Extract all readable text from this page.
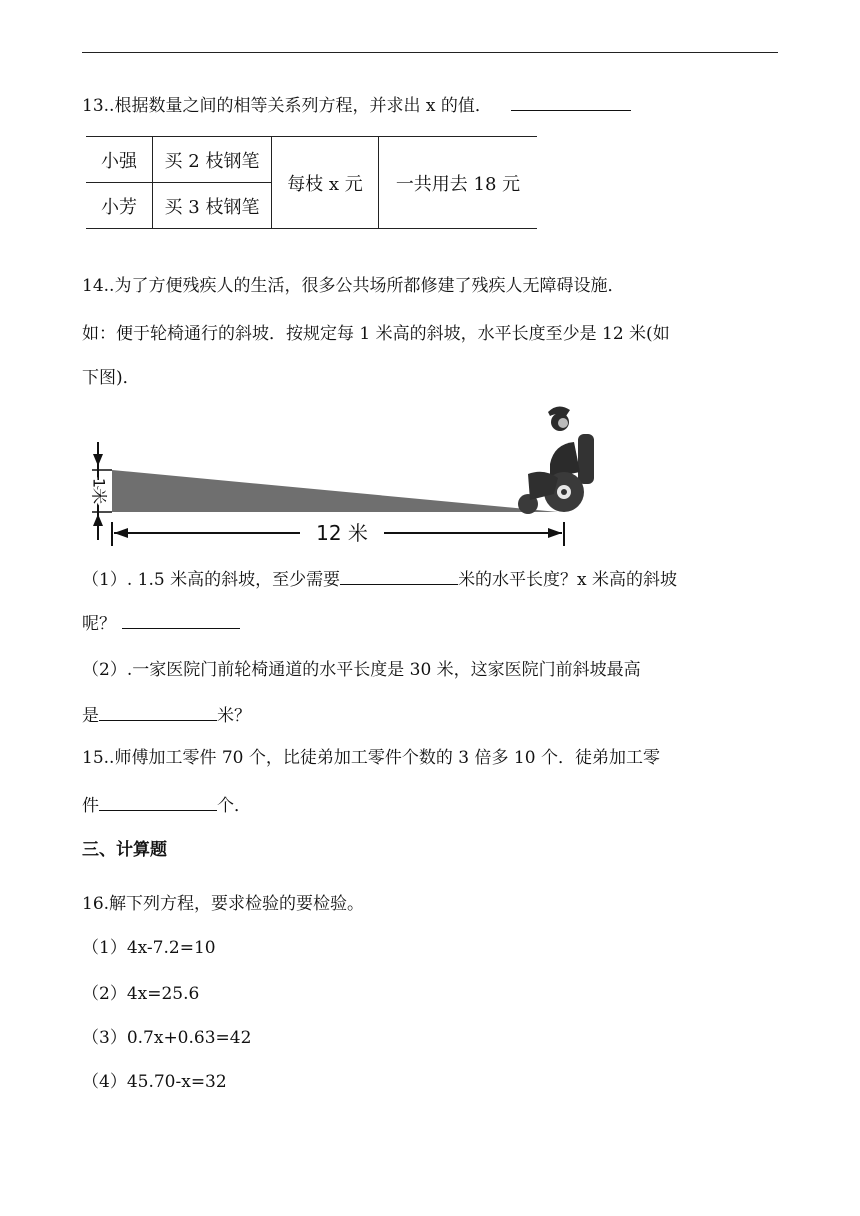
13..根据数量之间的相等关系列方程，并求出 x 的值．
小强	买 2 枝钢笔	每枝 x 元	一共用去 18 元
小芳	买 3 枝钢笔		
14..为了方便残疾人的生活，很多公共场所都修建了残疾人无障碍设施．
如：便于轮椅通行的斜坡．按规定每 1 米高的斜坡，水平长度至少是 12 米(如
下图)．
1米
12 米
（1）. 1.5 米高的斜坡，至少需要	米的水平长度？x 米高的斜坡
呢？
（2）.一家医院门前轮椅通道的水平长度是 30 米，这家医院门前斜坡最高
是	米？
15..师傅加工零件 70 个，比徒弟加工零件个数的 3 倍多 10 个．徒弟加工零
件	个．
三、计算题
16.解下列方程，要求检验的要检验。
（1）4x-7.2=10
（2）4x=25.6
（3）0.7x+0.63=42
（4）45.70-x=32
